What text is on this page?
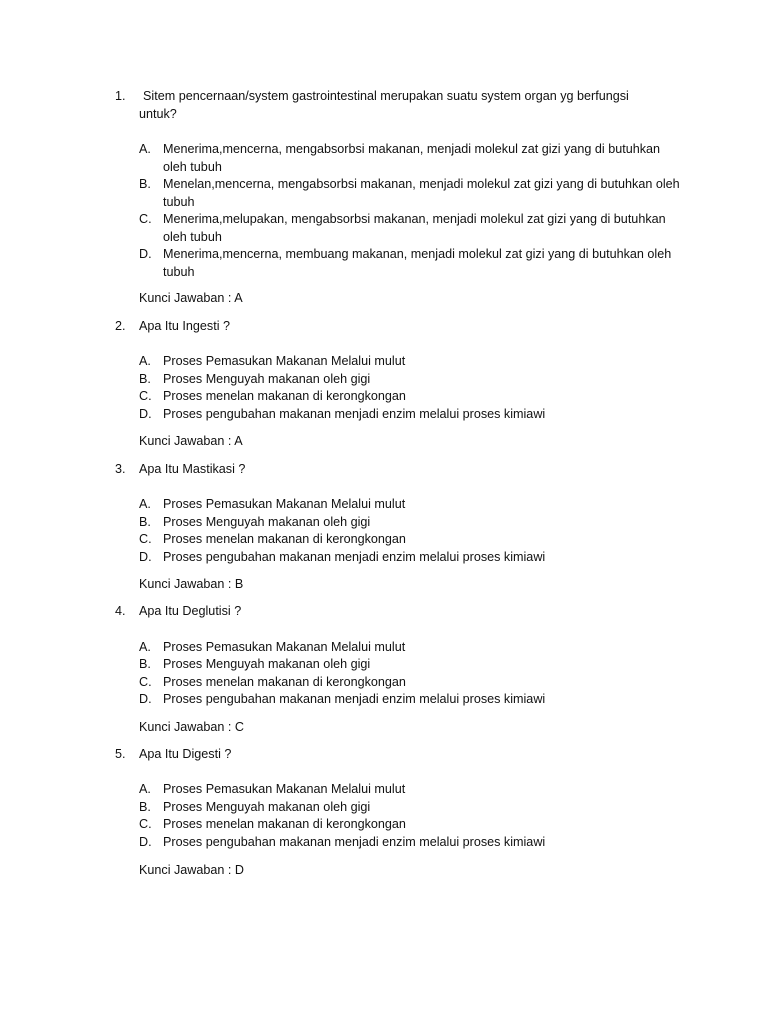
1.	Sitem pencernaan/system gastrointestinal merupakan suatu system organ yg berfungsi untuk?
A. Menerima,mencerna, mengabsorbsi makanan, menjadi molekul zat gizi yang di butuhkan oleh tubuh
B. Menelan,mencerna, mengabsorbsi makanan, menjadi molekul zat gizi yang di butuhkan oleh tubuh
C. Menerima,melupakan, mengabsorbsi makanan, menjadi molekul zat gizi yang di butuhkan oleh tubuh
D. Menerima,mencerna, membuang makanan, menjadi molekul zat gizi yang di butuhkan oleh tubuh
Kunci Jawaban : A
2. Apa Itu Ingesti ?
A. Proses Pemasukan Makanan Melalui mulut
B. Proses Menguyah makanan oleh gigi
C. Proses menelan makanan di kerongkongan
D. Proses pengubahan makanan menjadi enzim melalui proses kimiawi
Kunci Jawaban : A
3. Apa Itu Mastikasi ?
A. Proses Pemasukan Makanan Melalui mulut
B. Proses Menguyah makanan oleh gigi
C. Proses menelan makanan di kerongkongan
D. Proses pengubahan makanan menjadi enzim melalui proses kimiawi
Kunci Jawaban : B
4. Apa Itu Deglutisi ?
A. Proses Pemasukan Makanan Melalui mulut
B. Proses Menguyah makanan oleh gigi
C. Proses menelan makanan di kerongkongan
D. Proses pengubahan makanan menjadi enzim melalui proses kimiawi
Kunci Jawaban : C
5. Apa Itu Digesti ?
A. Proses Pemasukan Makanan Melalui mulut
B. Proses Menguyah makanan oleh gigi
C. Proses menelan makanan di kerongkongan
D. Proses pengubahan makanan menjadi enzim melalui proses kimiawi
Kunci Jawaban : D
